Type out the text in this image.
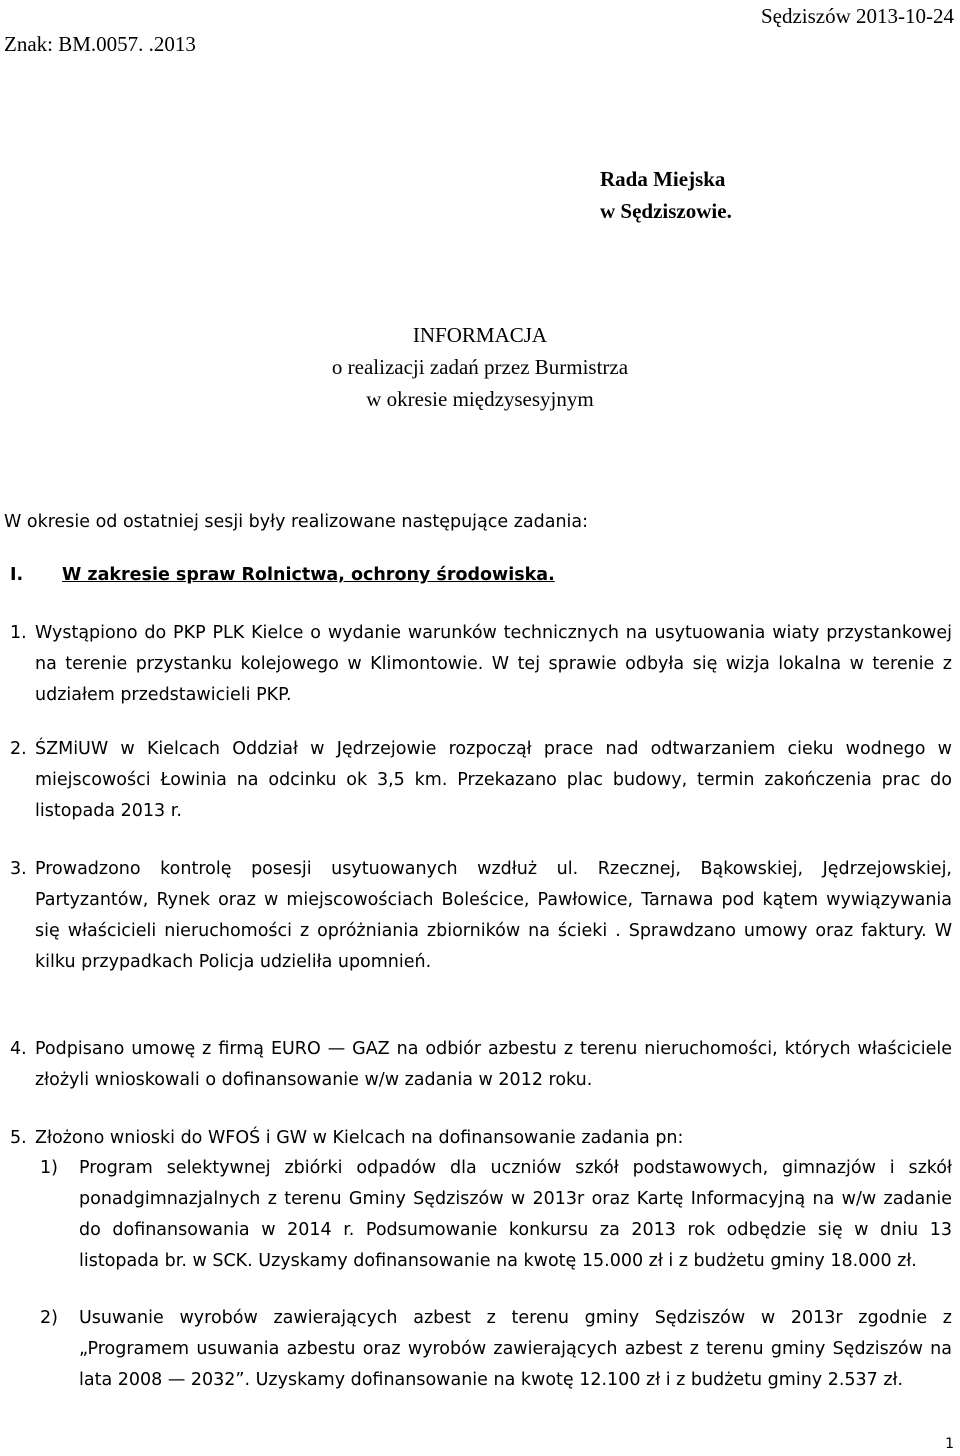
Znak: BM.0057. .2013
Sędziszów 2013-10-24
Rada Miejska
w Sędziszowie.
INFORMACJA
o realizacji zadań przez Burmistrza
w okresie międzysesyjnym
W okresie od ostatniej sesji były realizowane następujące zadania:
I. W zakresie spraw Rolnictwa, ochrony środowiska.
1. Wystąpiono do PKP PLK Kielce o wydanie warunków technicznych na usytuowania wiaty przystankowej na terenie przystanku kolejowego w Klimontowie. W tej sprawie odbyła się wizja lokalna w terenie z udziałem przedstawicieli PKP.
2. ŚZMiUW w Kielcach Oddział w Jędrzejowie rozpoczął prace nad odtwarzaniem cieku wodnego w miejscowości Łowinia na odcinku ok 3,5 km. Przekazano plac budowy, termin zakończenia prac do listopada 2013 r.
3. Prowadzono kontrolę posesji usytuowanych wzdłuż ul. Rzecznej, Bąkowskiej, Jędrzejowskiej, Partyzantów, Rynek oraz w miejscowościach Boleścice, Pawłowice, Tarnawa pod kątem wywiązywania się właścicieli nieruchomości z opróżniania zbiorników na ścieki . Sprawdzano umowy oraz faktury. W kilku przypadkach Policja udzieliła upomnień.
4. Podpisano umowę z firmą EURO — GAZ na odbiór azbestu z terenu nieruchomości, których właściciele złożyli wnioskowali o dofinansowanie w/w zadania w 2012 roku.
5. Złożono wnioski do WFOŚ i GW w Kielcach na dofinansowanie zadania pn:
1)	Program selektywnej zbiórki odpadów dla uczniów szkół podstawowych, gimnazjów i szkół ponadgimnazjalnych z terenu Gminy Sędziszów w 2013r oraz Kartę Informacyjną na w/w zadanie do dofinansowania w 2014 r. Podsumowanie konkursu za 2013 rok odbędzie się w dniu 13 listopada br. w SCK. Uzyskamy dofinansowanie na kwotę 15.000 zł i z budżetu gminy 18.000 zł.
2)	Usuwanie wyrobów zawierających azbest z terenu gminy Sędziszów w 2013r zgodnie z „Programem usuwania azbestu oraz wyrobów zawierających azbest z terenu gminy Sędziszów na lata 2008 — 2032”. Uzyskamy dofinansowanie na kwotę 12.100 zł i z budżetu gminy 2.537 zł.
1
